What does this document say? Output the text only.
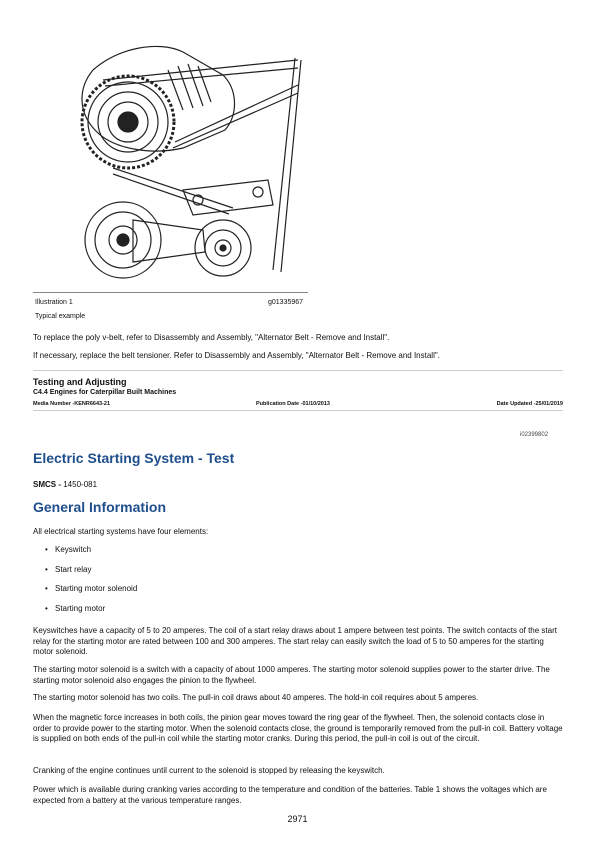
Illustration 1	g01335967
Typical example
To replace the poly v-belt, refer to Disassembly and Assembly, "Alternator Belt - Remove and Install".
If necessary, replace the belt tensioner. Refer to Disassembly and Assembly, "Alternator Belt - Remove and Install".
Testing and Adjusting
C4.4 Engines for Caterpillar Built Machines
Media Number -KENR6643-21	Publication Date -01/10/2013	Date Updated -25/01/2019
i02399802
Electric Starting System - Test
SMCS - 1450-081
General Information
All electrical starting systems have four elements:
• Keyswitch
• Start relay
• Starting motor solenoid
• Starting motor
Keyswitches have a capacity of 5 to 20 amperes. The coil of a start relay draws about 1 ampere between test points. The switch contacts of the start relay for the starting motor are rated between 100 and 300 amperes. The start relay can easily switch the load of 5 to 50 amperes for the starting motor solenoid.
The starting motor solenoid is a switch with a capacity of about 1000 amperes. The starting motor solenoid supplies power to the starter drive. The starting motor solenoid also engages the pinion to the flywheel.
The starting motor solenoid has two coils. The pull-in coil draws about 40 amperes. The hold-in coil requires about 5 amperes.
When the magnetic force increases in both coils, the pinion gear moves toward the ring gear of the flywheel. Then, the solenoid contacts close in order to provide power to the starting motor. When the solenoid contacts close, the ground is temporarily removed from the pull-in coil. Battery voltage is supplied on both ends of the pull-in coil while the starting motor cranks. During this period, the pull-in coil is out of the circuit.
Cranking of the engine continues until current to the solenoid is stopped by releasing the keyswitch.
Power which is available during cranking varies according to the temperature and condition of the batteries. Table 1 shows the voltages which are expected from a battery at the various temperature ranges.
2971
